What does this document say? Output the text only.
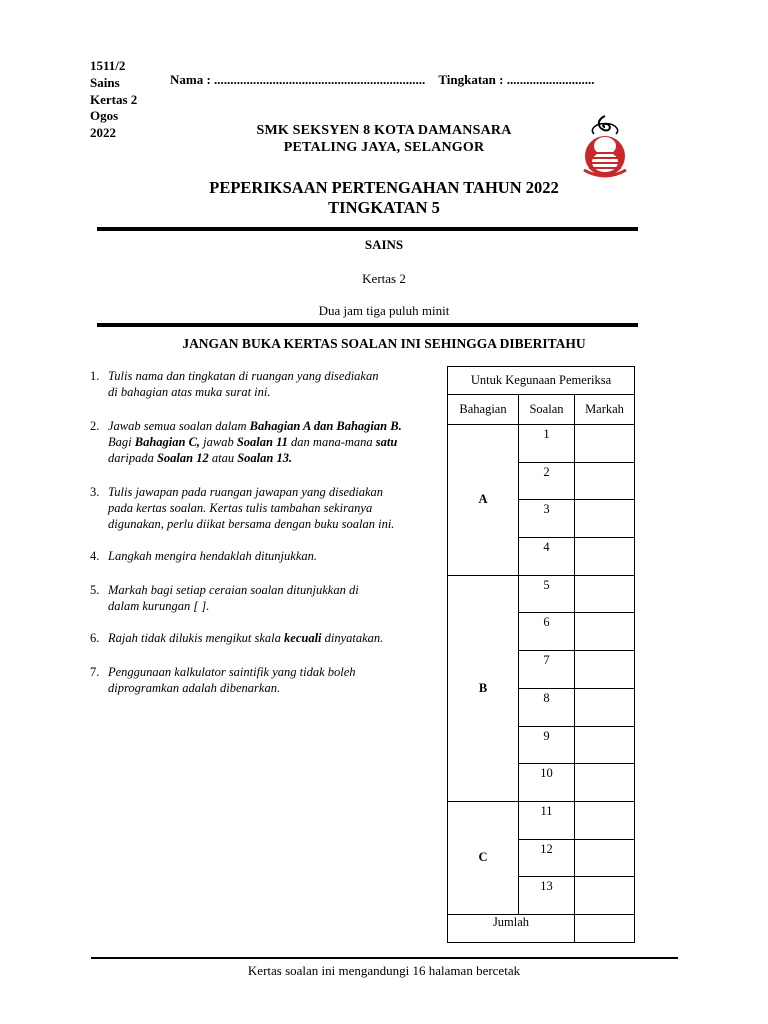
1511/2
Sains
Kertas 2
Ogos
2022
Nama : ................................................................. Tingkatan : ...........................
SMK SEKSYEN 8 KOTA DAMANSARA
PETALING JAYA, SELANGOR
PEPERIKSAAN PERTENGAHAN TAHUN 2022
TINGKATAN 5
SAINS
Kertas 2
Dua jam tiga puluh minit
JANGAN BUKA KERTAS SOALAN INI SEHINGGA DIBERITAHU
1. Tulis nama dan tingkatan di ruangan yang disediakan
di bahagian atas muka surat ini.
2. Jawab semua soalan dalam Bahagian A dan Bahagian B.
Bagi Bahagian C, jawab Soalan 11 dan mana-mana satu
daripada Soalan 12 atau Soalan 13.
3. Tulis jawapan pada ruangan jawapan yang disediakan
pada kertas soalan. Kertas tulis tambahan sekiranya
digunakan, perlu diikat bersama dengan buku soalan ini.
4. Langkah mengira hendaklah ditunjukkan.
5. Markah bagi setiap ceraian soalan ditunjukkan di
dalam kurungan [ ].
6. Rajah tidak dilukis mengikut skala kecuali dinyatakan.
7. Penggunaan kalkulator saintifik yang tidak boleh
diprogramkan adalah dibenarkan.
Untuk Kegunaan Pemeriksa		
Bahagian	Soalan	Markah
A	1	
	2	
	3	
	4	
B	5	
	6	
	7	
	8	
	9	
	10	
C	11	
	12	
	13	
Jumlah		
Kertas soalan ini mengandungi 16 halaman bercetak
